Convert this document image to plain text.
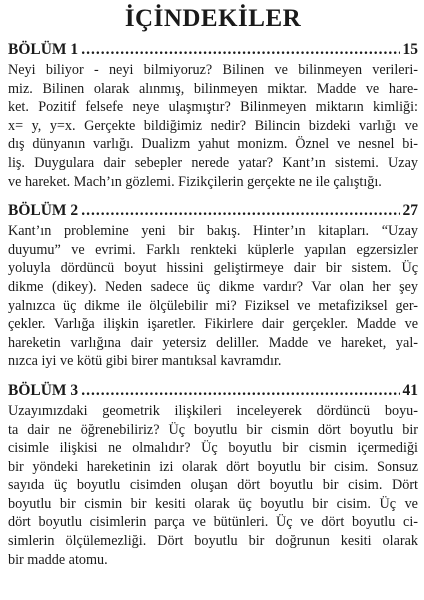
İÇİNDEKİLER
BÖLÜM 1 .....	15
Neyi biliyor - neyi bilmiyoruz? Bilinen ve bilinmeyen verileri-
miz. Bilinen olarak alınmış, bilinmeyen miktar. Madde ve hare-
ket. Pozitif felsefe neye ulaşmıştır? Bilinmeyen miktarın kimliği:
x= y, y=x. Gerçekte bildiğimiz nedir? Bilincin bizdeki varlığı ve
dış dünyanın varlığı. Dualizm yahut monizm. Öznel ve nesnel bi-
liş. Duygulara dair sebepler nerede yatar? Kant’ın sistemi. Uzay
ve hareket. Mach’ın gözlemi. Fizikçilerin gerçekte ne ile çalıştığı.
BÖLÜM 2 .....	27
Kant’ın problemine yeni bir bakış. Hinter’ın kitapları. “Uzay
duyumu” ve evrimi. Farklı renkteki küplerle yapılan egzersizler
yoluyla dördüncü boyut hissini geliştirmeye dair bir sistem. Üç
dikme (dikey). Neden sadece üç dikme vardır? Var olan her şey
yalnızca üç dikme ile ölçülebilir mi? Fiziksel ve metafiziksel ger-
çekler. Varlığa ilişkin işaretler. Fikirlere dair gerçekler. Madde ve
hareketin varlığına dair yetersiz deliller. Madde ve hareket, yal-
nızca iyi ve kötü gibi birer mantıksal kavramdır.
BÖLÜM 3 .....	41
Uzayımızdaki geometrik ilişkileri inceleyerek dördüncü boyu-
ta dair ne öğrenebiliriz? Üç boyutlu bir cismin dört boyutlu bir
cisimle ilişkisi ne olmalıdır? Üç boyutlu bir cismin içermediği
bir yöndeki hareketinin izi olarak dört boyutlu bir cisim. Sonsuz
sayıda üç boyutlu cisimden oluşan dört boyutlu bir cisim. Dört
boyutlu bir cismin bir kesiti olarak üç boyutlu bir cisim. Üç ve
dört boyutlu cisimlerin parça ve bütünleri. Üç ve dört boyutlu ci-
simlerin ölçülemezliği. Dört boyutlu bir doğrunun kesiti olarak
bir madde atomu.
